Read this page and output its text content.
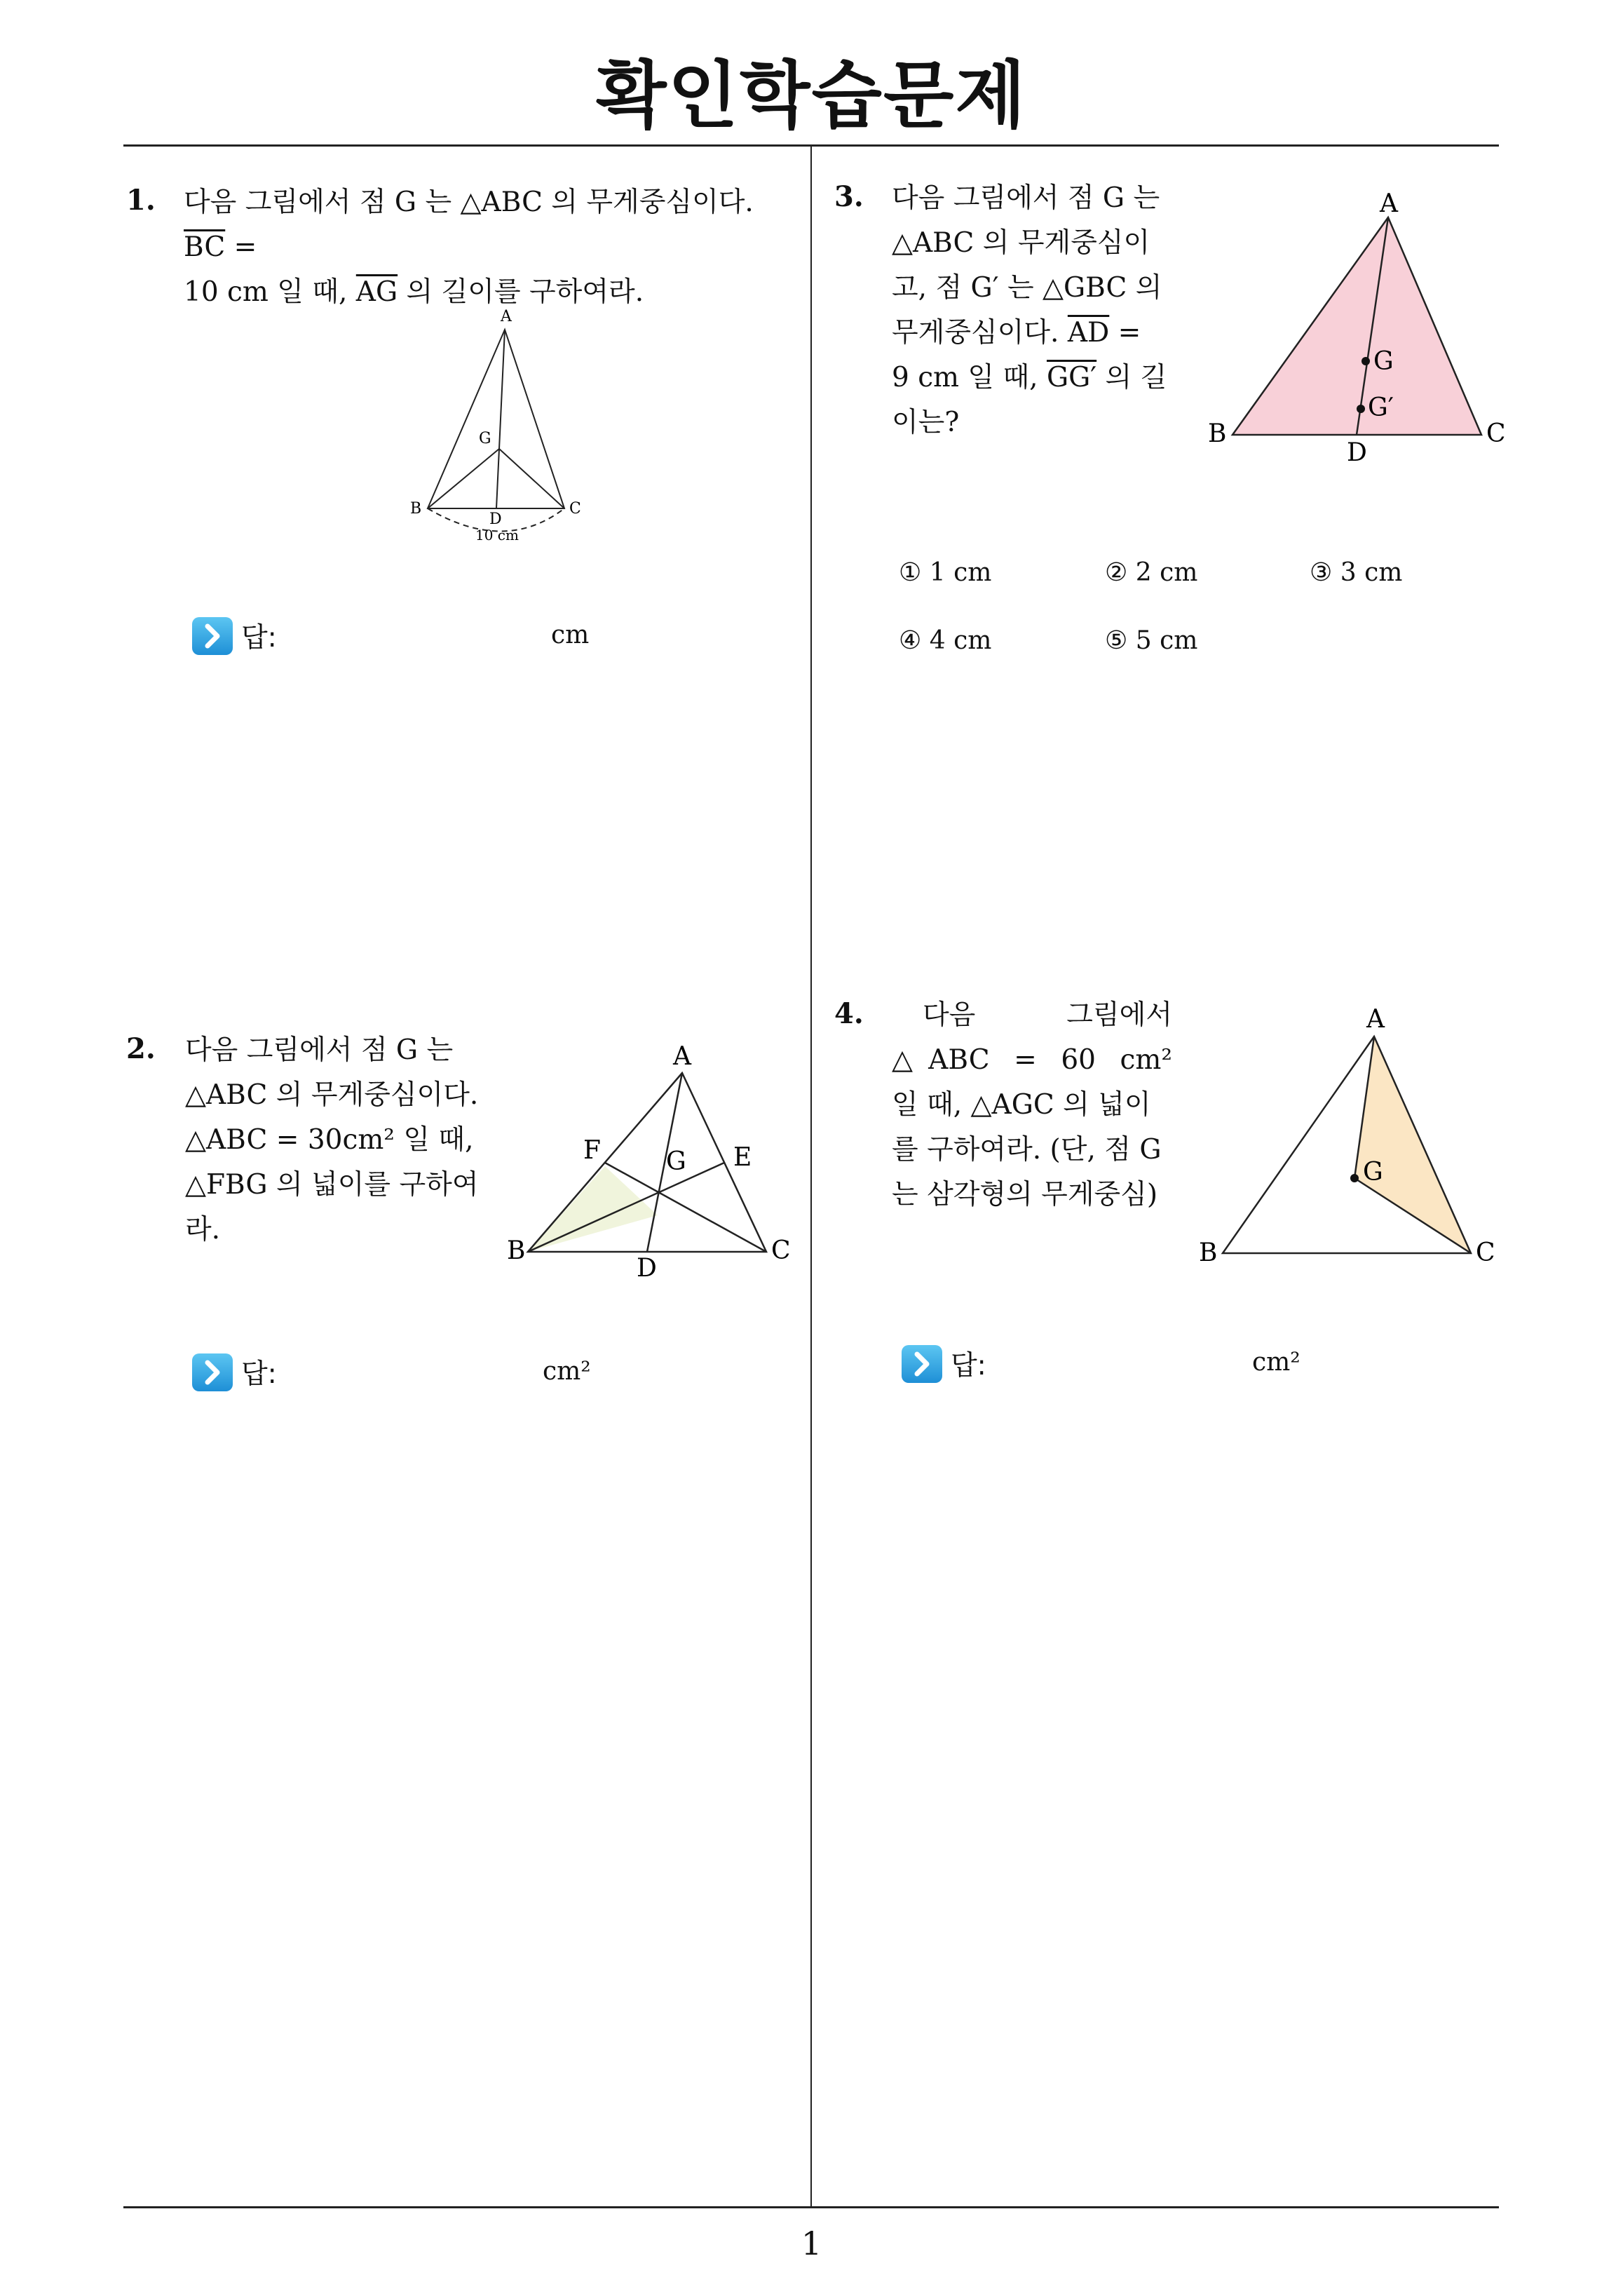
확인학습문제
1. 다음 그림에서 점 G 는 △ABC 의 무게중심이다. $\overline{BC}$ =
10 cm 일 때, $\overline{AG}$ 의 길이를 구하여라.
A
G
B	C
D
10 cm
답:	cm
2. 다음 그림에서 점 G 는
△ABC 의 무게중심이다.
△ABC = 30cm² 일 때,
△FBG 의 넓이를 구하여
라.
A
F	G E
B	C
D
답:	cm²
3. 다음 그림에서 점 G 는
△ABC 의 무게중심이
고, 점 G′ 는 △GBC 의
무게중심이다. $\overline{AD}$ =
9 cm 일 때, GG′ 의 길
이는?
A
G
G′
B	C
D
① 1 cm	② 2 cm	③ 3 cm
④ 4 cm	⑤ 5 cm
4.	다음 그림에서
△ABC = 60 cm²
일 때, △AGC 의 넓이
를 구하여라. (단, 점 G
는 삼각형의 무게중심)
A
G
B	C
답:	cm²
1
